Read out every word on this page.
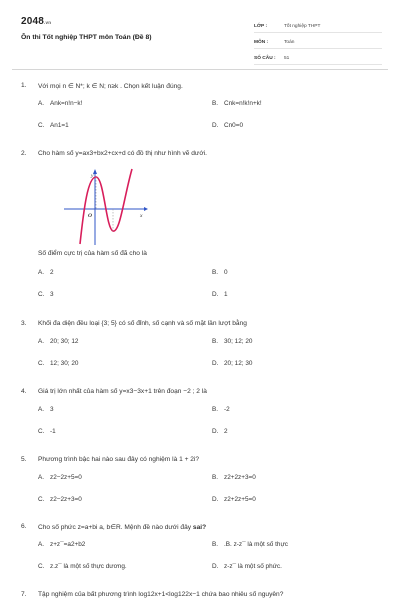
2048.vn
Ôn thi Tốt nghiệp THPT môn Toán (Đề 8)
LỚP :	Tốt nghiệp THPT
MÔN :	Toán
SỐ CÂU :	51
1.	Với mọi n ∈ N*; k ∈ N; n≥k . Chọn kết luận đúng.
A. Ank=n!n−k!	B. Cnk=n!k!n+k!
C. An1=1	D. Cn0=0
2.	Cho hàm số y=ax3+bx2+cx+d có đồ thị như hình vẽ dưới.
y
x
O
Số điểm cực trị của hàm số đã cho là
A. 2	B. 0
C. 3	D. 1
3.	Khối đa diện đều loại {3; 5} có số đỉnh, số cạnh và số mặt lần lượt bằng
A. 20; 30; 12	B. 30; 12; 20
C. 12; 30; 20	D. 20; 12; 30
4.	Giá trị lớn nhất của hàm số y=x3−3x+1 trên đoạn −2 ; 2 là
A. 3	B. -2
C. -1	D. 2
5.	Phương trình bậc hai nào sau đây có nghiệm là 1 + 2i?
A. z2−2z+5=0	B. z2+2z+3=0
C. z2−2z+3=0	D. z2+2z+5=0
6.	Cho số phức z=a+bi a, b∈R. Mệnh đề nào dưới đây sai?
A. z+z¯=a2+b2	B. .B. z-z¯ là một số thực
C. z.z¯ là một số thực dương.	D. z-z¯ là một số phức.
7.	Tập nghiệm của bất phương trình log12x+1<log122x−1 chứa bao nhiêu số nguyên?
